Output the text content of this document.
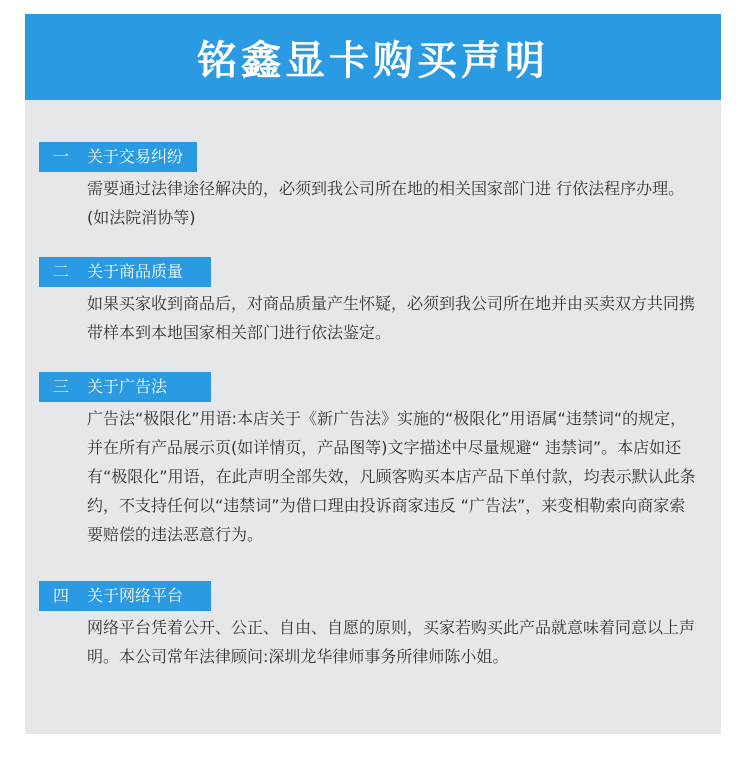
铭鑫显卡购买声明
一 关于交易纠纷

需要通过法律途径解决的，必须到我公司所在地的相关国家部门进 行依法程序办理。(如法院消协等)

二 关于商品质量

如果买家收到商品后，对商品质量产生怀疑，必须到我公司所在地并由买卖双方共同携带样本到本地国家相关部门进行依法鉴定。

三 关于广告法

广告法“极限化”用语:本店关于《新广告法》实施的“极限化”用语属“违禁词“的规定，并在所有产品展示页(如详情页，产品图等)文字描述中尽量规避“ 违禁词”。本店如还有“极限化”用语，在此声明全部失效，凡顾客购买本店产品下单付款，均表示默认此条约，不支持任何以“违禁词”为借口理由投诉商家违反 “广告法”，来变相勒索向商家索要赔偿的违法恶意行为。

四 关于网络平台

网络平台凭着公开、公正、自由、自愿的原则，买家若购买此产品就意味着同意以上声明。本公司常年法律顾问:深圳龙华律师事务所律师陈小姐。
